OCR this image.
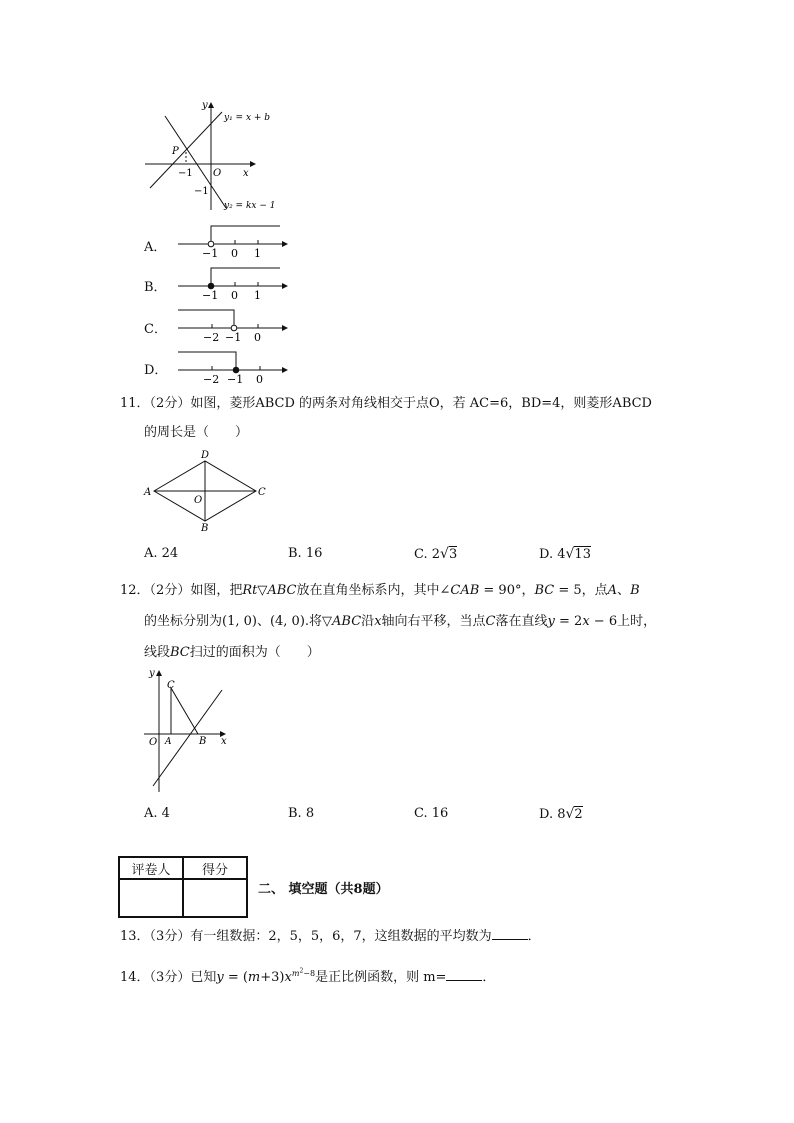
y
x
P
O
−1
−1
y₁ = x + b
y₂ = kx − 1
A．	−1 0 1
B．
−1 0 1
C．
−2 −1 0
D．
−2 −1 0
11．（2分）如图，菱形ABCD 的两条对角线相交于点O，若 AC=6，BD=4，则菱形ABCD
的周长是（　　）
A	C
D
B
O
A. 24	B. 16	C. 2√3	D. 4√13
12．（2分）如图，把Rt▽ABC放在直角坐标系内，其中∠CAB = 90°，BC = 5，点A、B
的坐标分别为(1, 0)、(4, 0).将▽ABC沿x轴向右平移，当点C落在直线y = 2x − 6上时，
线段BC扫过的面积为（　　）
y
x
C
O A	B
A. 4	B. 8	C. 16	D. 8√2
评卷人	得分

二、 填空题（共8题）
13．（3分）有一组数据：2，5，5，6，7，这组数据的平均数为	．
14．（3分）已知$y = (m+3)x^{m^2-8}$是正比例函数，则 m=	．
